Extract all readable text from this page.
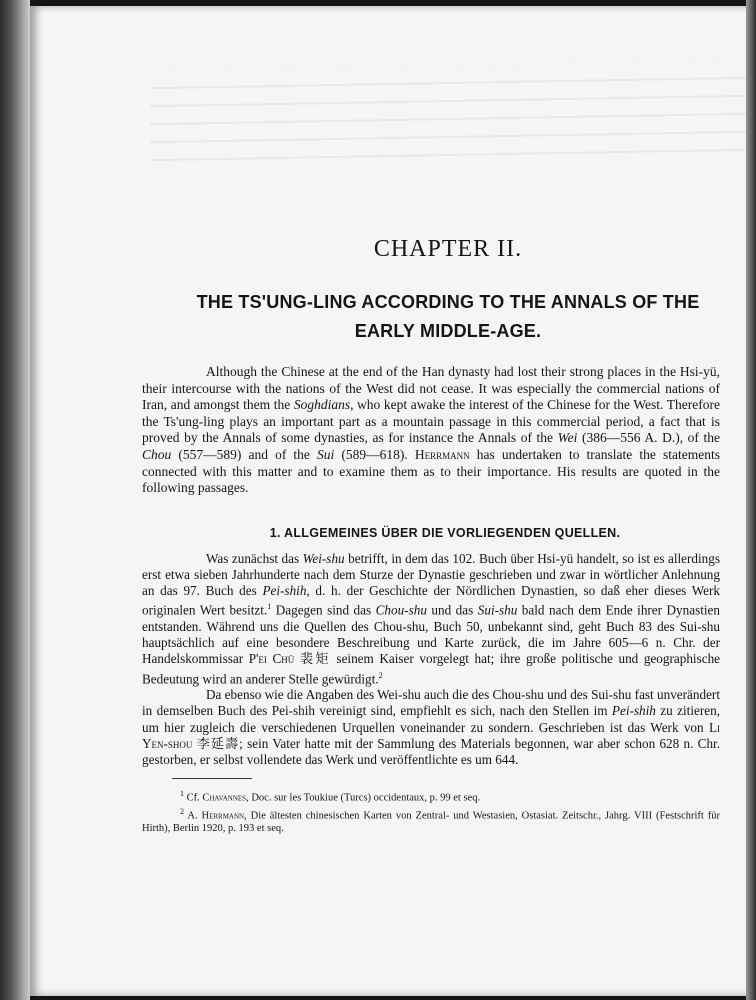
CHAPTER II.
THE TS'UNG-LING ACCORDING TO THE ANNALS OF THE
EARLY MIDDLE-AGE.

Although the Chinese at the end of the Han dynasty had lost their strong places in the Hsi-yü, their intercourse with the nations of the West did not cease. It was especially the commercial nations of Iran, and amongst them the Soghdians, who kept awake the interest of the Chinese for the West. Therefore the Ts'ung-ling plays an important part as a mountain passage in this commercial period, a fact that is proved by the Annals of some dynasties, as for instance the Annals of the Wei (386—556 A. D.), of the Chou (557—589) and of the Sui (589—618). Herrmann has undertaken to translate the statements connected with this matter and to examine them as to their importance. His results are quoted in the following passages.

1. ALLGEMEINES ÜBER DIE VORLIEGENDEN QUELLEN.

Was zunächst das Wei-shu betrifft, in dem das 102. Buch über Hsi-yü handelt, so ist es allerdings erst etwa sieben Jahrhunderte nach dem Sturze der Dynastie geschrieben und zwar in wörtlicher Anlehnung an das 97. Buch des Pei-shih, d. h. der Geschichte der Nördlichen Dynastien, so daß eher dieses Werk originalen Wert besitzt.$^1$ Dagegen sind das Chou-shu und das Sui-shu bald nach dem Ende ihrer Dynastien entstanden. Während uns die Quellen des Chou-shu, Buch 50, unbekannt sind, geht Buch 83 des Sui-shu hauptsächlich auf eine besondere Beschreibung und Karte zurück, die im Jahre 605—6 n. Chr. der Handelskommissar P'ei Chü 裴矩 seinem Kaiser vorgelegt hat; ihre große politische und geographische Bedeutung wird an anderer Stelle gewürdigt.$^2$

Da ebenso wie die Angaben des Wei-shu auch die des Chou-shu und des Sui-shu fast unverändert in demselben Buch des Pei-shih vereinigt sind, empfiehlt es sich, nach den Stellen im Pei-shih zu zitieren, um hier zugleich die verschiedenen Urquellen voneinander zu sondern. Geschrieben ist das Werk von Li Yen-shou 李延壽; sein Vater hatte mit der Sammlung des Materials begonnen, war aber schon 628 n. Chr. gestorben, er selbst vollendete das Werk und veröffentlichte es um 644.

$^1$ Cf. Chavannes, Doc. sur les Toukiue (Turcs) occidentaux, p. 99 et seq.

$^2$ A. Herrmann, Die ältesten chinesischen Karten von Zentral- und Westasien, Ostasiat. Zeitschr., Jahrg. VIII (Festschrift für Hirth), Berlin 1920, p. 193 et seq.
